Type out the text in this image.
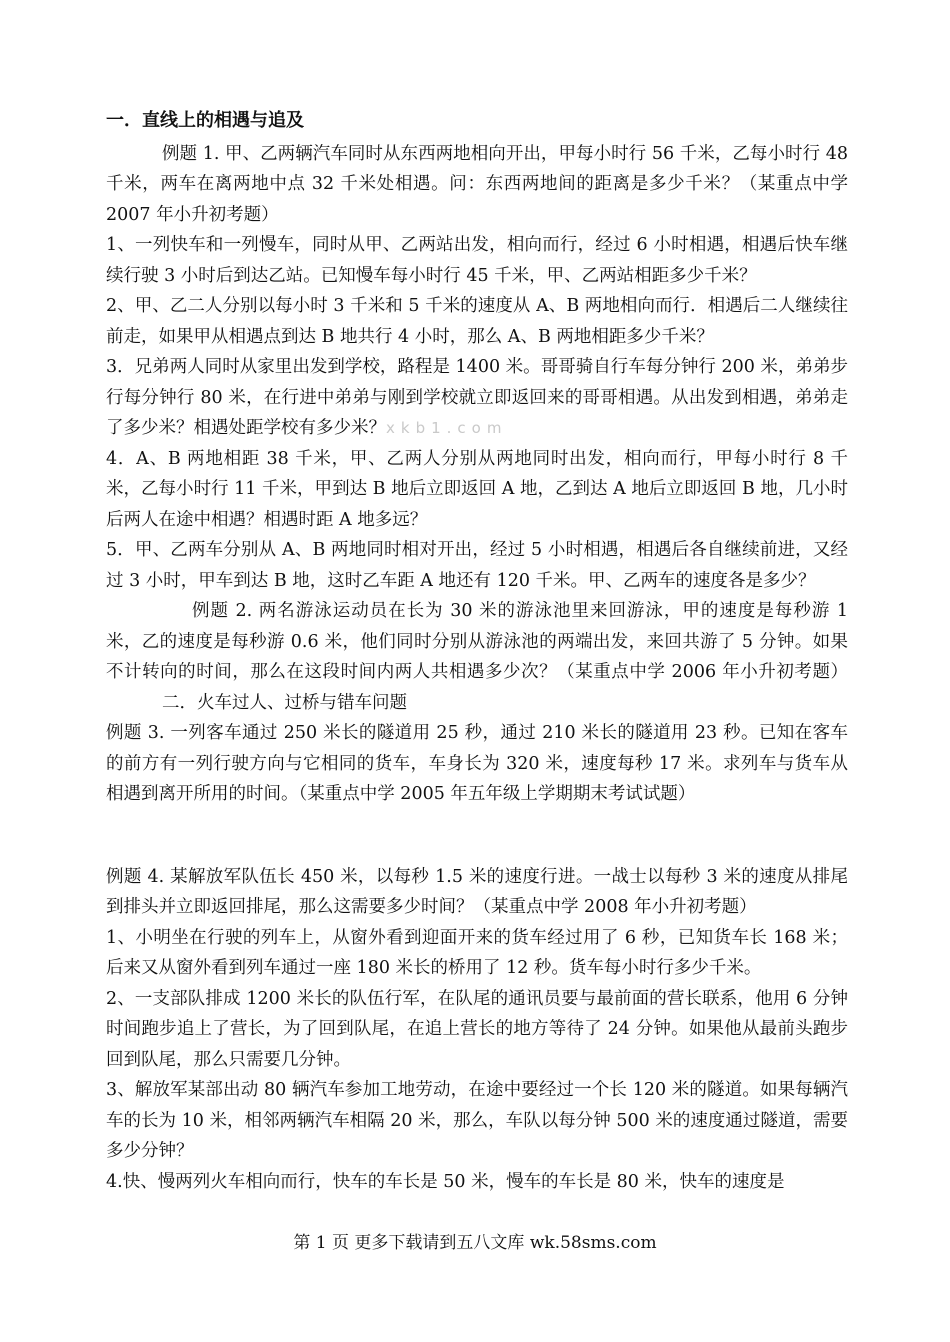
一．直线上的相遇与追及

例题 1. 甲、乙两辆汽车同时从东西两地相向开出，甲每小时行 56 千米，乙每小时行 48 千米，两车在离两地中点 32 千米处相遇。问：东西两地间的距离是多少千米？（某重点中学 2007 年小升初考题）

1、一列快车和一列慢车，同时从甲、乙两站出发，相向而行，经过 6 小时相遇，相遇后快车继续行驶 3 小时后到达乙站。已知慢车每小时行 45 千米，甲、乙两站相距多少千米？

2、甲、乙二人分别以每小时 3 千米和 5 千米的速度从 A、B 两地相向而行．相遇后二人继续往前走，如果甲从相遇点到达 B 地共行 4 小时，那么 A、B 两地相距多少千米？

3．兄弟两人同时从家里出发到学校，路程是 1400 米。哥哥骑自行车每分钟行 200 米，弟弟步行每分钟行 80 米，在行进中弟弟与刚到学校就立即返回来的哥哥相遇。从出发到相遇，弟弟走了多少米？相遇处距学校有多少米？xkb1.com

4．A、B 两地相距 38 千米，甲、乙两人分别从两地同时出发，相向而行，甲每小时行 8 千米，乙每小时行 11 千米，甲到达 B 地后立即返回 A 地，乙到达 A 地后立即返回 B 地，几小时后两人在途中相遇？相遇时距 A 地多远？

5．甲、乙两车分别从 A、B 两地同时相对开出，经过 5 小时相遇，相遇后各自继续前进，又经过 3 小时，甲车到达 B 地，这时乙车距 A 地还有 120 千米。甲、乙两车的速度各是多少？

例题 2. 两名游泳运动员在长为 30 米的游泳池里来回游泳，甲的速度是每秒游 1 米，乙的速度是每秒游 0.6 米，他们同时分别从游泳池的两端出发，来回共游了 5 分钟。如果不计转向的时间，那么在这段时间内两人共相遇多少次？（某重点中学 2006 年小升初考题）二．火车过人、过桥与错车问题

例题 3. 一列客车通过 250 米长的隧道用 25 秒，通过 210 米长的隧道用 23 秒。已知在客车的前方有一列行驶方向与它相同的货车，车身长为 320 米，速度每秒 17 米。求列车与货车从相遇到离开所用的时间。（某重点中学 2005 年五年级上学期期末考试试题）

例题 4. 某解放军队伍长 450 米，以每秒 1.5 米的速度行进。一战士以每秒 3 米的速度从排尾到排头并立即返回排尾，那么这需要多少时间？（某重点中学 2008 年小升初考题）

1、小明坐在行驶的列车上，从窗外看到迎面开来的货车经过用了 6 秒，已知货车长 168 米；后来又从窗外看到列车通过一座 180 米长的桥用了 12 秒。货车每小时行多少千米。

2、一支部队排成 1200 米长的队伍行军，在队尾的通讯员要与最前面的营长联系，他用 6 分钟时间跑步追上了营长，为了回到队尾，在追上营长的地方等待了 24 分钟。如果他从最前头跑步回到队尾，那么只需要几分钟。

3、解放军某部出动 80 辆汽车参加工地劳动，在途中要经过一个长 120 米的隧道。如果每辆汽车的长为 10 米，相邻两辆汽车相隔 20 米，那么，车队以每分钟 500 米的速度通过隧道，需要多少分钟？

4.快、慢两列火车相向而行，快车的车长是 50 米，慢车的车长是 80 米，快车的速度是

第 1 页 更多下载请到五八文库 wk.58sms.com
